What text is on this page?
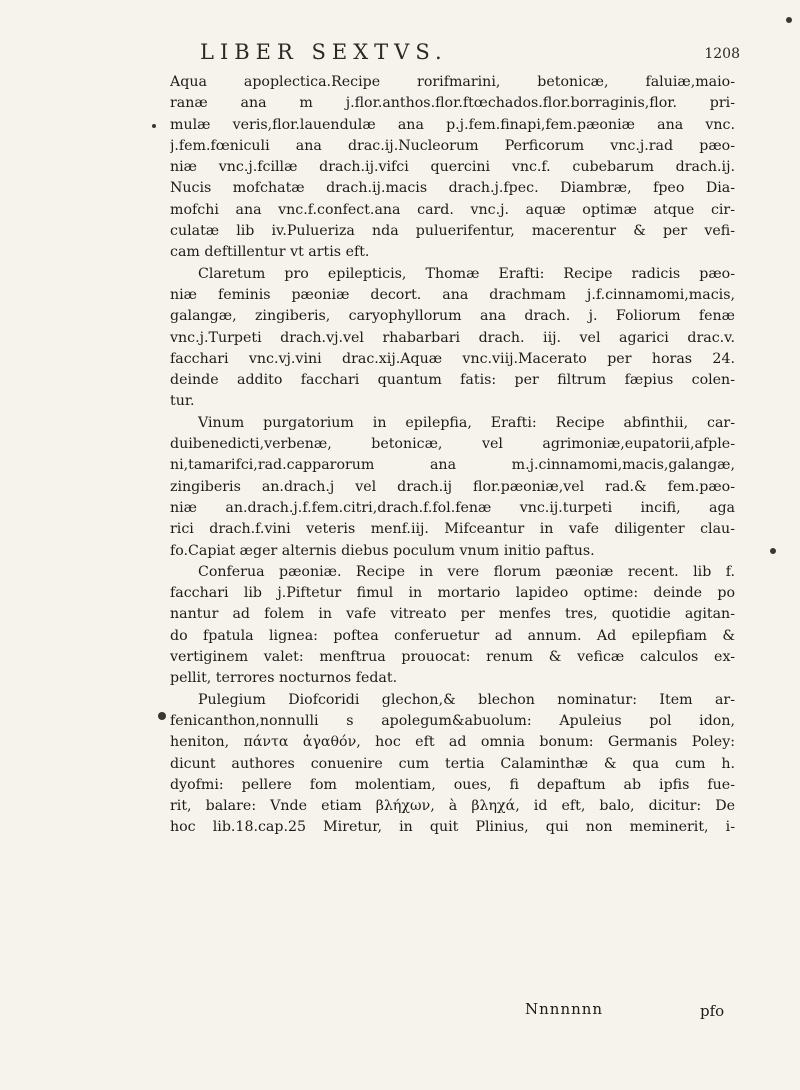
LIBER SEXTVS.	1208
Aqua apoplectica.Recipe rorifmarini, betonicæ, faluiæ,maio-
ranæ ana m j.flor.anthos.flor.ftœchados.flor.borraginis,flor. pri-
mulæ veris,flor.lauendulæ ana p.j.fem.finapi,fem.pæoniæ ana vnc.
j.fem.fœniculi ana drac.ij.Nucleorum Perficorum vnc.j.rad pæo-
niæ vnc.j.fcillæ drach.ij.vifci quercini vnc.f. cubebarum drach.ij.
Nucis mofchatæ drach.ij.macis drach.j.fpec. Diambræ, fpeo Dia-
mofchi ana vnc.f.confect.ana card. vnc.j. aquæ optimæ atque cir-
culatæ lib iv.Pulueriza nda puluerifentur, macerentur & per vefi-
cam deftillentur vt artis eft.
Claretum pro epilepticis, Thomæ Erafti: Recipe radicis pæo-
niæ feminis pæoniæ decort. ana drachmam j.f.cinnamomi,macis,
galangæ, zingiberis, caryophyllorum ana drach. j. Foliorum fenæ
vnc.j.Turpeti drach.vj.vel rhabarbari drach. iij. vel agarici drac.v.
facchari vnc.vj.vini drac.xij.Aquæ vnc.viij.Macerato per horas 24.
deinde addito facchari quantum fatis: per filtrum fæpius colen-
tur.
Vinum purgatorium in epilepfia, Erafti: Recipe abfinthii, car-
duibenedicti,verbenæ, betonicæ, vel agrimoniæ,eupatorii,afple-
ni,tamarifci,rad.capparorum ana m.j.cinnamomi,macis,galangæ,
zingiberis an.drach.j vel drach.ij flor.pæoniæ,vel rad.& fem.pæo-
niæ an.drach.j.f.fem.citri,drach.f.fol.fenæ vnc.ij.turpeti incifi, aga
rici drach.f.vini veteris menf.iij. Mifceantur in vafe diligenter clau-
fo.Capiat æger alternis diebus poculum vnum initio paftus.
Conferua pæoniæ. Recipe in vere florum pæoniæ recent. lib f.
facchari lib j.Piftetur fimul in mortario lapideo optime: deinde po
nantur ad folem in vafe vitreato per menfes tres, quotidie agitan-
do fpatula lignea: poftea conferuetur ad annum. Ad epilepfiam &
vertiginem valet: menftrua prouocat: renum & veficæ calculos ex-
pellit, terrores nocturnos fedat.
Pulegium Diofcoridi glechon,& blechon nominatur: Item ar-
fenicanthon,nonnulli s apolegum&abuolum: Apuleius pol idon,
heniton, πάντα ἀγαθόν, hoc eft ad omnia bonum: Germanis Poley:
dicunt authores conuenire cum tertia Calaminthæ & qua cum h.
dyofmi: pellere fom molentiam, oues, fi depaftum ab ipfis fue-
rit, balare: Vnde etiam βλήχων, à βληχά, id eft, balo, dicitur: De
hoc lib.18.cap.25 Miretur, in quit Plinius, qui non meminerit, i-
Nnnnnnn	pfo
